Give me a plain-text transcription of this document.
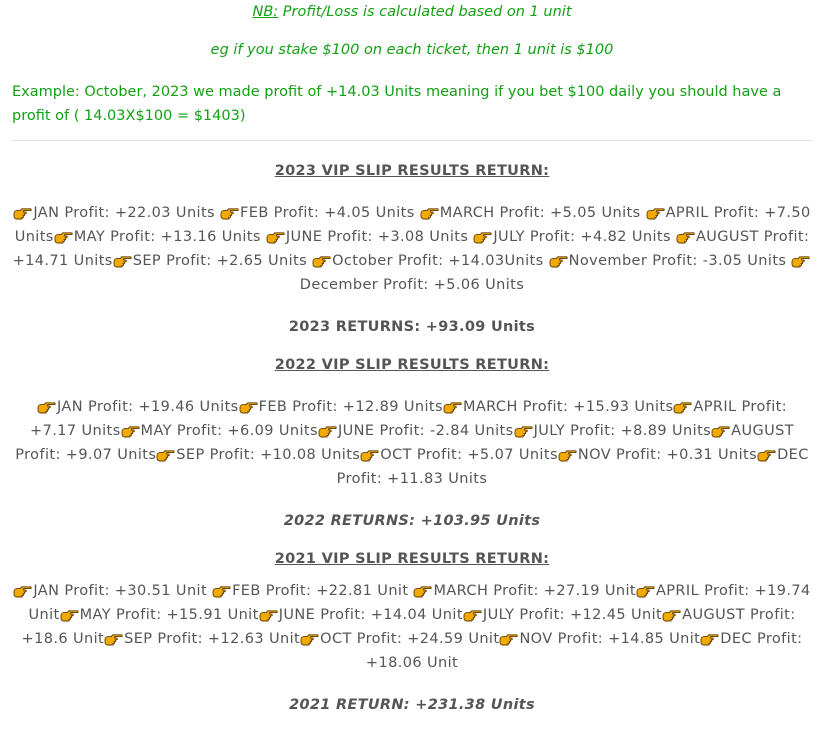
NB: Profit/Loss is calculated based on 1 unit
eg if you stake $100 on each ticket, then 1 unit is $100
Example: October, 2023 we made profit of +14.03 Units meaning if you bet $100 daily you should have a profit of ( 14.03X$100 = $1403)
2023 VIP SLIP RESULTS RETURN:
JAN Profit: +22.03 Units
FEB Profit: +4.05 Units
MARCH Profit: +5.05 Units
APRIL Profit: +7.50 Units MAY Profit: +13.16 Units
JUNE Profit: +3.08 Units
JULY Profit: +4.82 Units
AUGUST Profit: +14.71 Units SEP Profit: +2.65 Units
October Profit: +14.03Units
November Profit: -3.05 Units
December Profit: +5.06 Units
2023 RETURNS: +93.09 Units
2022 VIP SLIP RESULTS RETURN:
JAN Profit: +19.46 Units FEB Profit: +12.89 Units MARCH Profit: +15.93 Units APRIL Profit: +7.17 Units MAY Profit: +6.09 Units JUNE Profit: -2.84 Units JULY Profit: +8.89 Units AUGUST Profit: +9.07 Units SEP Profit: +10.08 Units OCT Profit: +5.07 Units NOV Profit: +0.31 Units DEC Profit: +11.83 Units
2022 RETURNS: +103.95 Units
2021 VIP SLIP RESULTS RETURN:
JAN Profit: +30.51 Unit
FEB Profit: +22.81 Unit
MARCH Profit: +27.19 Unit APRIL Profit: +19.74 Unit MAY Profit: +15.91 Unit JUNE Profit: +14.04 Unit JULY Profit: +12.45 Unit AUGUST Profit: +18.6 Unit SEP Profit: +12.63 Unit OCT Profit: +24.59 Unit NOV Profit: +14.85 Unit DEC Profit: +18.06 Unit
2021 RETURN: +231.38 Units
